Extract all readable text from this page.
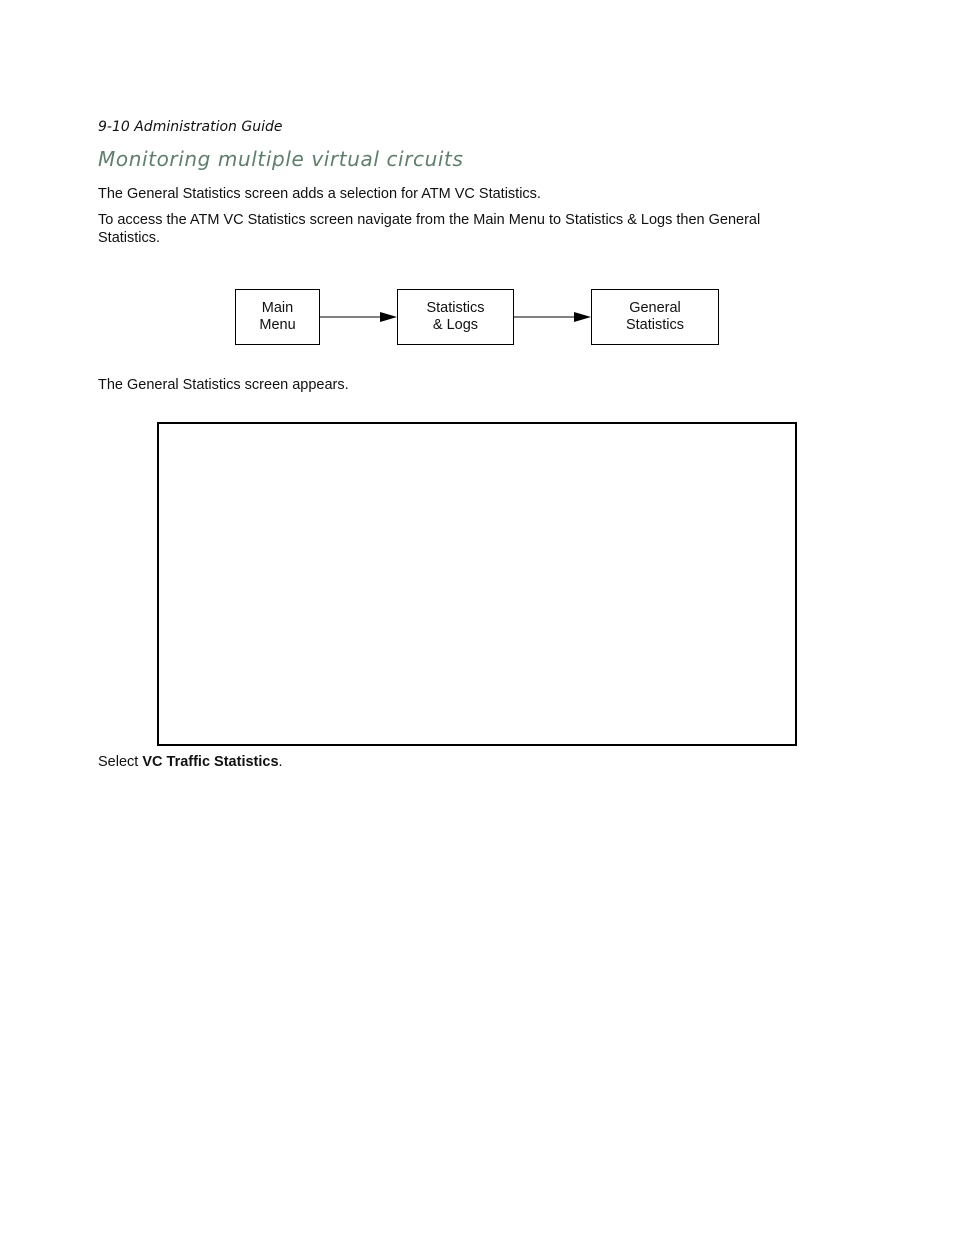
9-10 Administration Guide
Monitoring multiple virtual circuits

The General Statistics screen adds a selection for ATM VC Statistics.

To access the ATM VC Statistics screen navigate from the Main Menu to Statistics & Logs then General Statistics.

Main
Menu
Statistics
& Logs
General
Statistics

The General Statistics screen appears.

Select VC Traffic Statistics.
